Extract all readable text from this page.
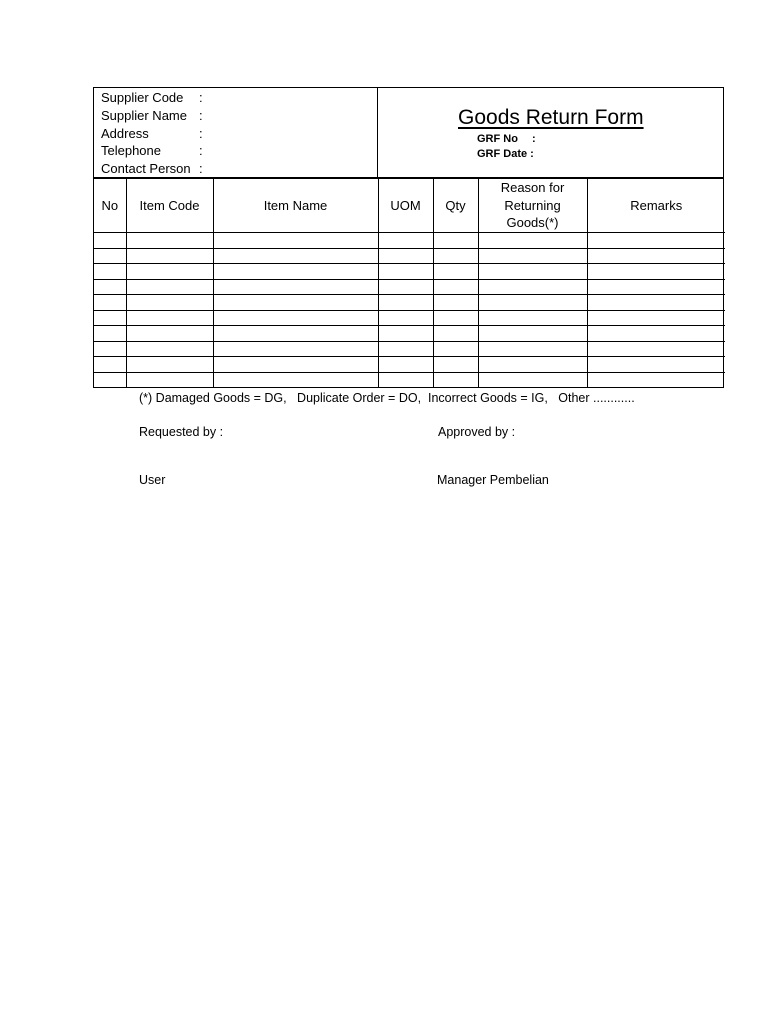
Supplier Code	:
Supplier Name :
Address	:
Telephone	:
Contact Person :
Goods Return Form
GRF No :
GRF Date :
No	Item Code	Item Name	UOM	Qty	Reason for
Returning
Goods(*)	Remarks

(*) Damaged Goods = DG,   Duplicate Order = DO,  Incorrect Goods = IG,   Other ............
Requested by :	Approved by :
User	Manager Pembelian
